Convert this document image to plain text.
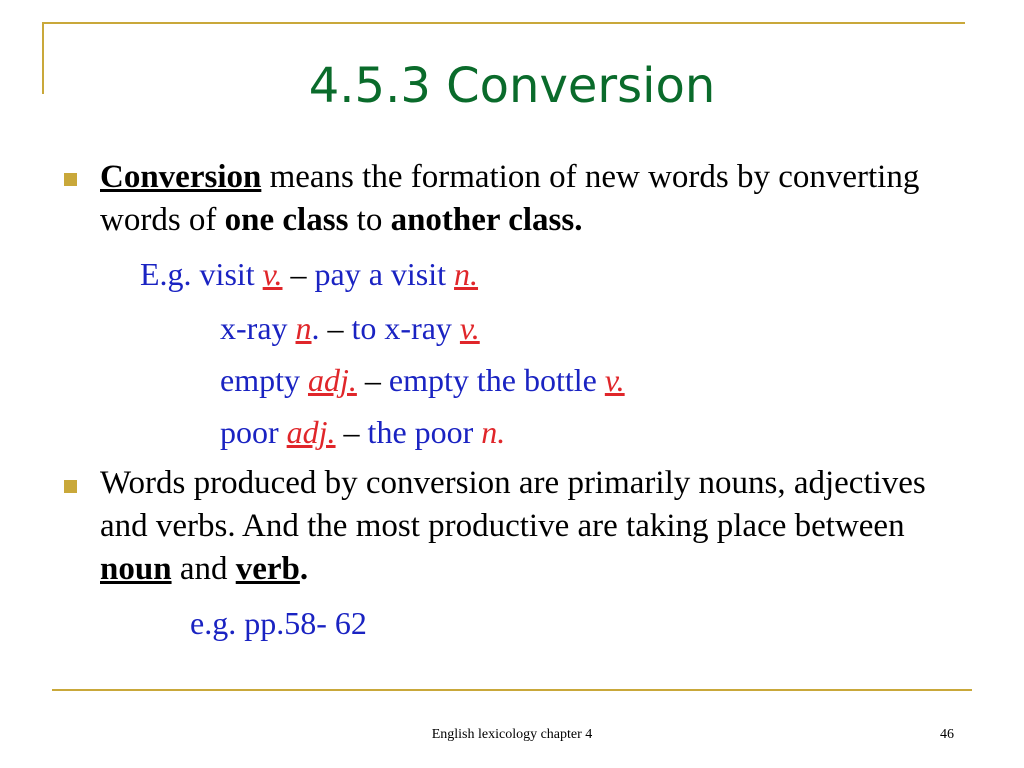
4.5.3 Conversion
Conversion means the formation of new words by converting words of one class to another class.
E.g. visit v. – pay a visit n.
x-ray n. – to x-ray v.
empty adj. – empty the bottle v.
poor adj. – the poor n.
Words produced by conversion are primarily nouns, adjectives and verbs. And the most productive are taking place between noun and verb.
e.g. pp.58- 62
English lexicology chapter 4	46
